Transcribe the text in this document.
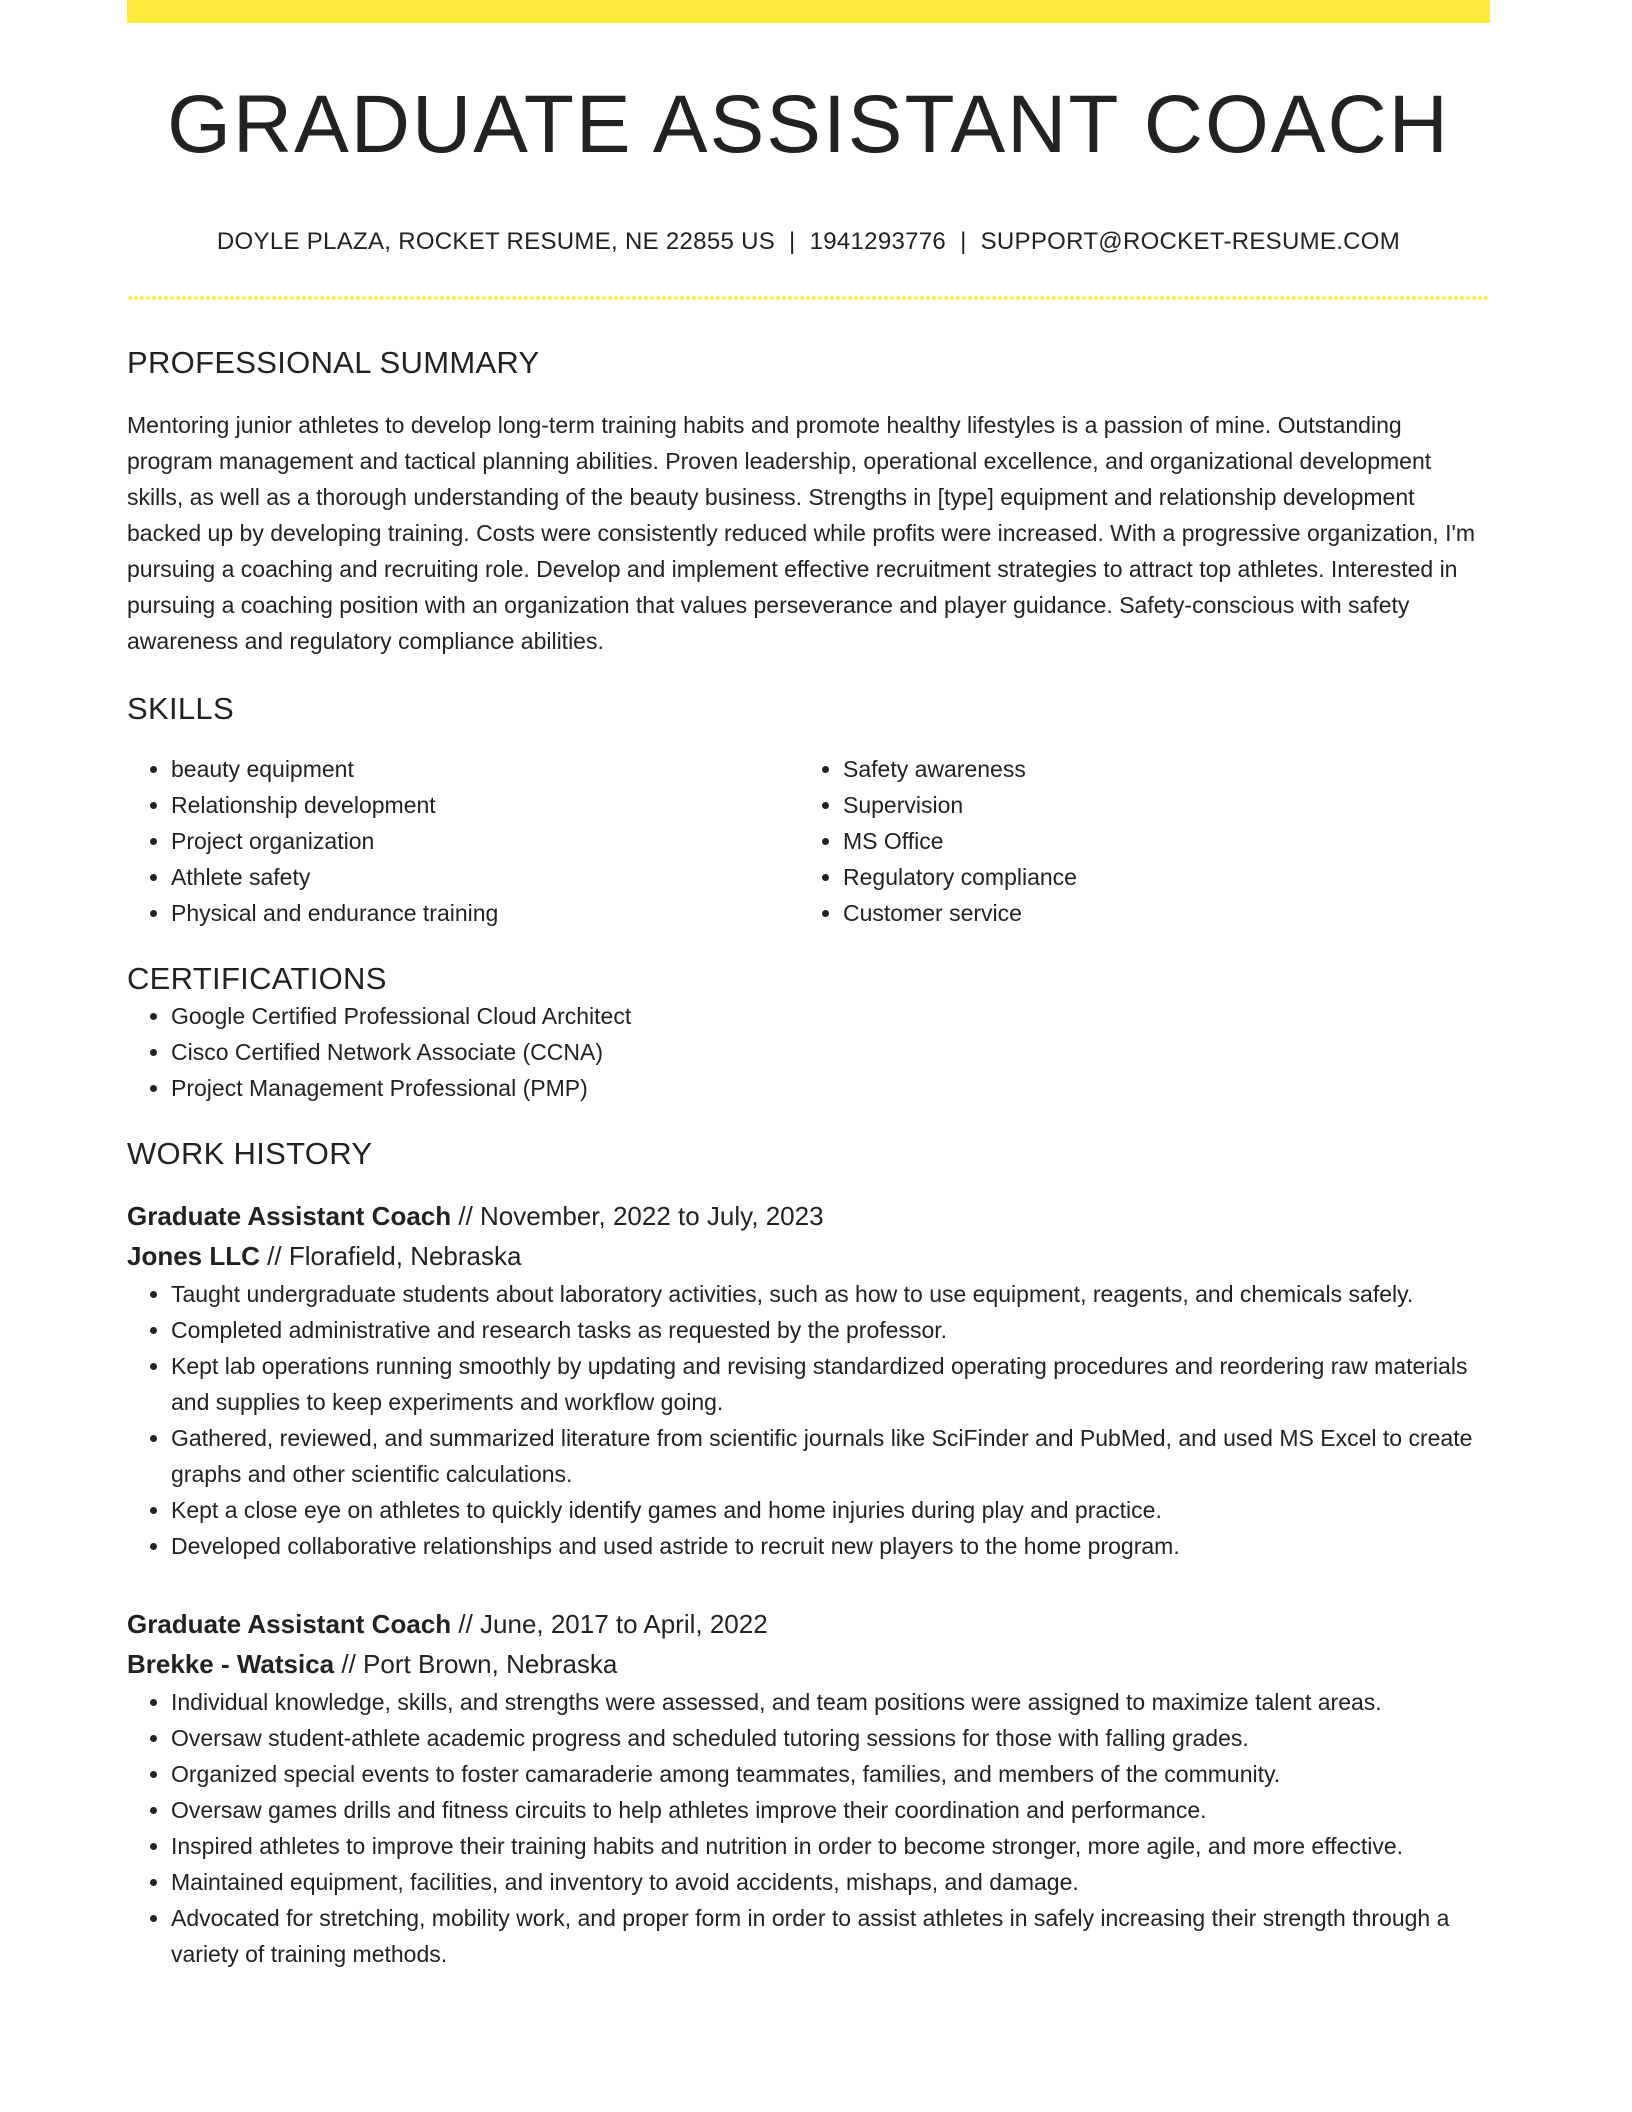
GRADUATE ASSISTANT COACH
DOYLE PLAZA, ROCKET RESUME, NE 22855 US | 1941293776 | SUPPORT@ROCKET-RESUME.COM
PROFESSIONAL SUMMARY
Mentoring junior athletes to develop long-term training habits and promote healthy lifestyles is a passion of mine. Outstanding program management and tactical planning abilities. Proven leadership, operational excellence, and organizational development skills, as well as a thorough understanding of the beauty business. Strengths in [type] equipment and relationship development backed up by developing training. Costs were consistently reduced while profits were increased. With a progressive organization, I'm pursuing a coaching and recruiting role. Develop and implement effective recruitment strategies to attract top athletes. Interested in pursuing a coaching position with an organization that values perseverance and player guidance. Safety-conscious with safety awareness and regulatory compliance abilities.
SKILLS
• beauty equipment
• Relationship development
• Project organization
• Athlete safety
• Physical and endurance training
• Safety awareness
• Supervision
• MS Office
• Regulatory compliance
• Customer service
CERTIFICATIONS
• Google Certified Professional Cloud Architect
• Cisco Certified Network Associate (CCNA)
• Project Management Professional (PMP)
WORK HISTORY
Graduate Assistant Coach // November, 2022 to July, 2023
Jones LLC // Florafield, Nebraska
• Taught undergraduate students about laboratory activities, such as how to use equipment, reagents, and chemicals safely.
• Completed administrative and research tasks as requested by the professor.
• Kept lab operations running smoothly by updating and revising standardized operating procedures and reordering raw materials and supplies to keep experiments and workflow going.
• Gathered, reviewed, and summarized literature from scientific journals like SciFinder and PubMed, and used MS Excel to create graphs and other scientific calculations.
• Kept a close eye on athletes to quickly identify games and home injuries during play and practice.
• Developed collaborative relationships and used astride to recruit new players to the home program.
Graduate Assistant Coach // June, 2017 to April, 2022
Brekke - Watsica // Port Brown, Nebraska
• Individual knowledge, skills, and strengths were assessed, and team positions were assigned to maximize talent areas.
• Oversaw student-athlete academic progress and scheduled tutoring sessions for those with falling grades.
• Organized special events to foster camaraderie among teammates, families, and members of the community.
• Oversaw games drills and fitness circuits to help athletes improve their coordination and performance.
• Inspired athletes to improve their training habits and nutrition in order to become stronger, more agile, and more effective.
• Maintained equipment, facilities, and inventory to avoid accidents, mishaps, and damage.
• Advocated for stretching, mobility work, and proper form in order to assist athletes in safely increasing their strength through a variety of training methods.
